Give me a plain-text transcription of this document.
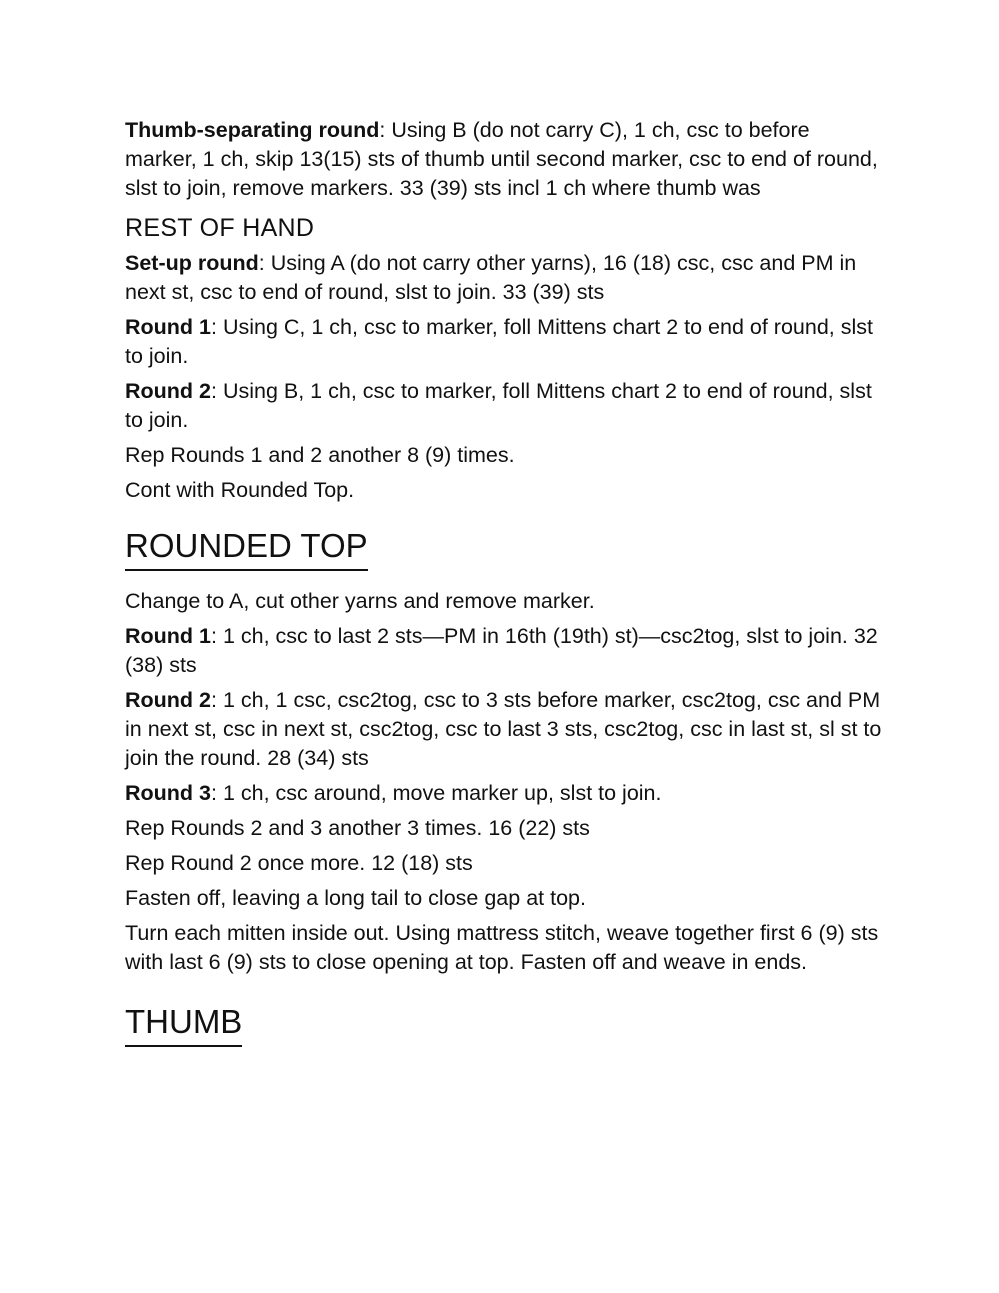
Thumb-separating round: Using B (do not carry C), 1 ch, csc to before marker, 1 ch, skip 13(15) sts of thumb until second marker, csc to end of round, slst to join, remove markers. 33 (39) sts incl 1 ch where thumb was

REST OF HAND

Set-up round: Using A (do not carry other yarns), 16 (18) csc, csc and PM in next st, csc to end of round, slst to join. 33 (39) sts

Round 1: Using C, 1 ch, csc to marker, foll Mittens chart 2 to end of round, slst to join.

Round 2: Using B, 1 ch, csc to marker, foll Mittens chart 2 to end of round, slst to join.

Rep Rounds 1 and 2 another 8 (9) times.

Cont with Rounded Top.

ROUNDED TOP

Change to A, cut other yarns and remove marker.

Round 1: 1 ch, csc to last 2 sts—PM in 16th (19th) st)—csc2tog, slst to join. 32 (38) sts

Round 2: 1 ch, 1 csc, csc2tog, csc to 3 sts before marker, csc2tog, csc and PM in next st, csc in next st, csc2tog, csc to last 3 sts, csc2tog, csc in last st, sl st to join the round. 28 (34) sts

Round 3: 1 ch, csc around, move marker up, slst to join.

Rep Rounds 2 and 3 another 3 times. 16 (22) sts

Rep Round 2 once more. 12 (18) sts

Fasten off, leaving a long tail to close gap at top.

Turn each mitten inside out. Using mattress stitch, weave together first 6 (9) sts with last 6 (9) sts to close opening at top. Fasten off and weave in ends.

THUMB
